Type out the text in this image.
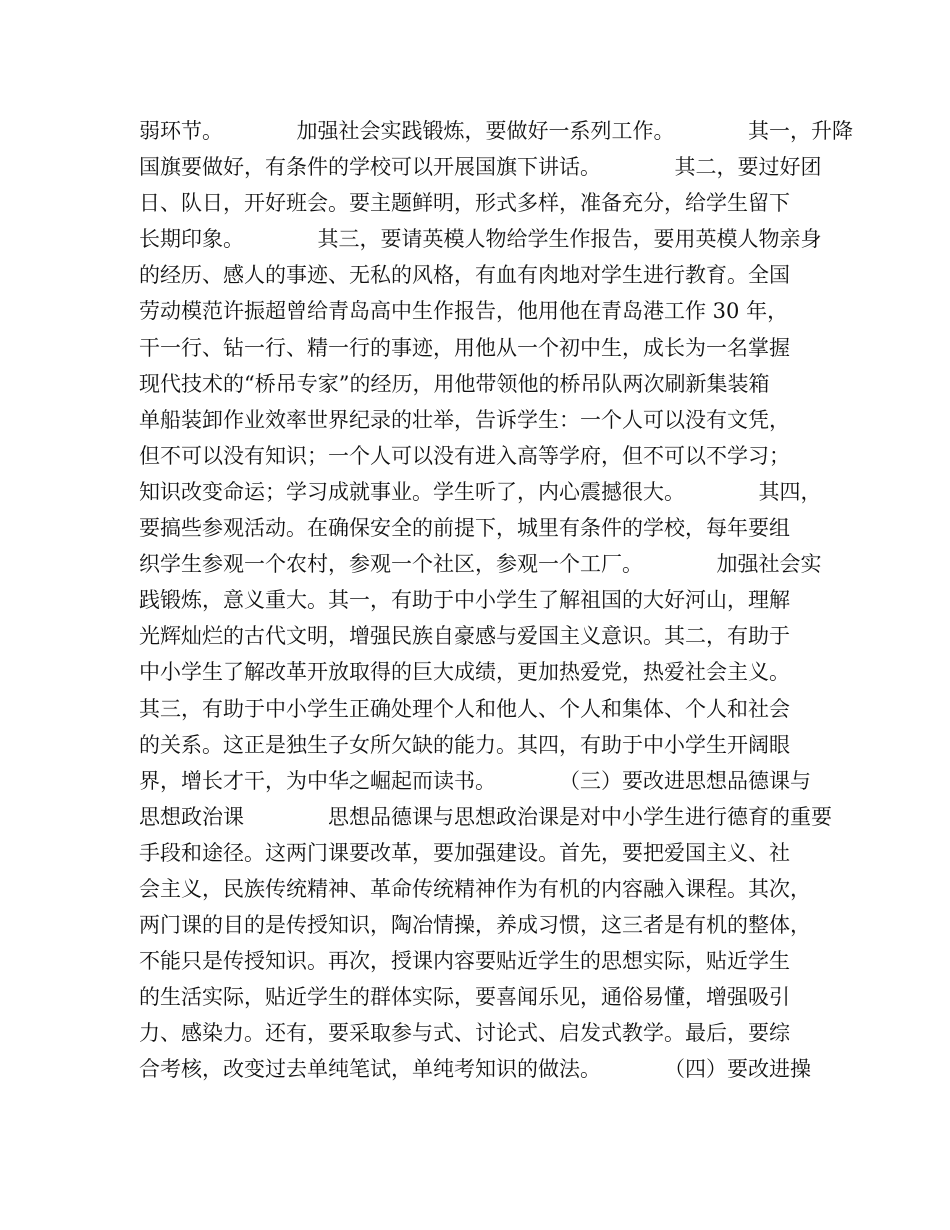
弱环节。　　　　加强社会实践锻炼，要做好一系列工作。　　　　其一，升降
国旗要做好，有条件的学校可以开展国旗下讲话。　　　　其二，要过好团
日、队日，开好班会。要主题鲜明，形式多样，准备充分，给学生留下
长期印象。　　　　其三，要请英模人物给学生作报告，要用英模人物亲身
的经历、感人的事迹、无私的风格，有血有肉地对学生进行教育。全国
劳动模范许振超曾给青岛高中生作报告，他用他在青岛港工作 30 年，
干一行、钻一行、精一行的事迹，用他从一个初中生，成长为一名掌握
现代技术的“桥吊专家”的经历，用他带领他的桥吊队两次刷新集装箱
单船装卸作业效率世界纪录的壮举，告诉学生：一个人可以没有文凭，
但不可以没有知识；一个人可以没有进入高等学府，但不可以不学习；
知识改变命运；学习成就事业。学生听了，内心震撼很大。　　　　其四，
要搞些参观活动。在确保安全的前提下，城里有条件的学校，每年要组
织学生参观一个农村，参观一个社区，参观一个工厂。　　　　加强社会实
践锻炼，意义重大。其一，有助于中小学生了解祖国的大好河山，理解
光辉灿烂的古代文明，增强民族自豪感与爱国主义意识。其二，有助于
中小学生了解改革开放取得的巨大成绩，更加热爱党，热爱社会主义。
其三，有助于中小学生正确处理个人和他人、个人和集体、个人和社会
的关系。这正是独生子女所欠缺的能力。其四，有助于中小学生开阔眼
界，增长才干，为中华之崛起而读书。　　　　（三）要改进思想品德课与
思想政治课　　　　思想品德课与思想政治课是对中小学生进行德育的重要
手段和途径。这两门课要改革，要加强建设。首先，要把爱国主义、社
会主义，民族传统精神、革命传统精神作为有机的内容融入课程。其次，
两门课的目的是传授知识，陶冶情操，养成习惯，这三者是有机的整体，
不能只是传授知识。再次，授课内容要贴近学生的思想实际，贴近学生
的生活实际，贴近学生的群体实际，要喜闻乐见，通俗易懂，增强吸引
力、感染力。还有，要采取参与式、讨论式、启发式教学。最后，要综
合考核，改变过去单纯笔试，单纯考知识的做法。　　　　（四）要改进操
